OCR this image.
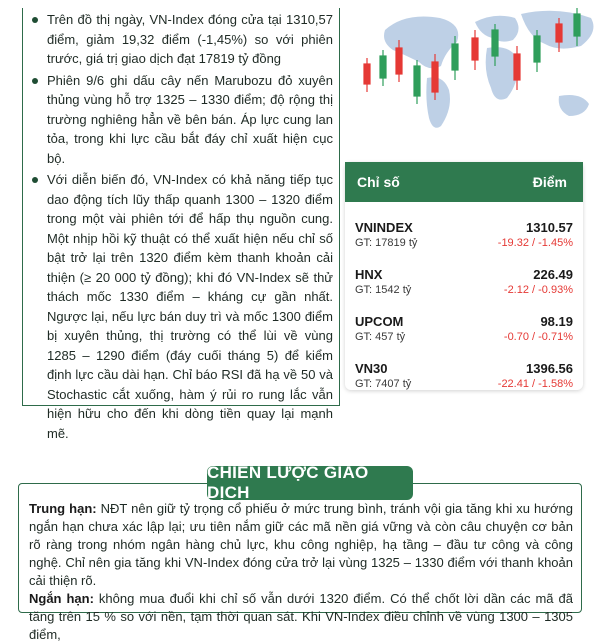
Trên đồ thị ngày, VN-Index đóng cửa tại 1310,57 điểm, giảm 19,32 điểm (-1,45%) so với phiên trước, giá trị giao dịch đạt 17819 tỷ đồng
Phiên 9/6 ghi dấu cây nến Marubozu đỏ xuyên thủng vùng hỗ trợ 1325 – 1330 điểm; độ rộng thị trường nghiêng hẳn về bên bán. Áp lực cung lan tỏa, trong khi lực cầu bắt đáy chỉ xuất hiện cục bộ.
Với diễn biến đó, VN-Index có khả năng tiếp tục dao động tích lũy thấp quanh 1300 – 1320 điểm trong một vài phiên tới để hấp thụ nguồn cung. Một nhịp hồi kỹ thuật có thể xuất hiện nếu chỉ số bật trở lại trên 1320 điểm kèm thanh khoản cải thiện (≥ 20 000 tỷ đồng); khi đó VN-Index sẽ thử thách mốc 1330 điểm – kháng cự gần nhất. Ngược lại, nếu lực bán duy trì và mốc 1300 điểm bị xuyên thủng, thị trường có thể lùi về vùng 1285 – 1290 điểm (đáy cuối tháng 5) để kiểm định lực cầu dài hạn. Chỉ báo RSI đã hạ về 50 và Stochastic cắt xuống, hàm ý rủi ro rung lắc vẫn hiện hữu cho đến khi dòng tiền quay lại mạnh mẽ.
Chỉ số	Điểm
VNINDEX	1310.57
GT: 17819 tỷ	-19.32 / -1.45%
HNX	226.49
GT: 1542 tỷ	-2.12 / -0.93%
UPCOM	98.19
GT: 457 tỷ	-0.70 / -0.71%
VN30	1396.56
GT: 7407 tỷ	-22.41 / -1.58%
CHIẾN LƯỢC GIAO DỊCH

Trung hạn: NĐT nên giữ tỷ trọng cổ phiếu ở mức trung bình, tránh vội gia tăng khi xu hướng ngắn hạn chưa xác lập lại; ưu tiên nắm giữ các mã nền giá vững và còn câu chuyện cơ bản rõ ràng trong nhóm ngân hàng chủ lực, khu công nghiệp, hạ tầng – đầu tư công và công nghệ. Chỉ nên gia tăng khi VN-Index đóng cửa trở lại vùng 1325 – 1330 điểm với thanh khoản cải thiện rõ.

Ngắn hạn: không mua đuổi khi chỉ số vẫn dưới 1320 điểm. Có thể chốt lời dần các mã đã tăng trên 15 % so với nền, tạm thời quan sát. Khi VN-Index điều chỉnh về vùng 1300 – 1305 điểm,
